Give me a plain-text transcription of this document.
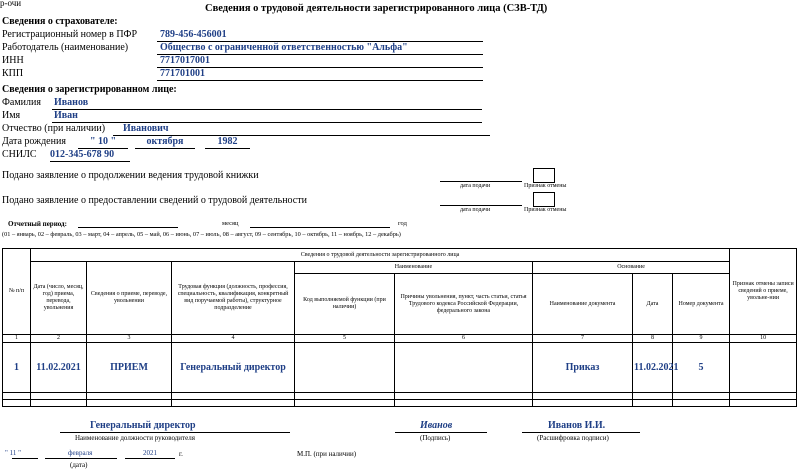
р-очи	Сведения о трудовой деятельности зарегистрированного лица (СЗВ-ТД)
Сведения о страхователе:
Регистрационный номер в ПФР	789-456-456001
Работодатель (наименование)	Общество с ограниченной ответственностью "Альфа"
ИНН	7717017001
КПП	771701001
Сведения о зарегистрированном лице:
Фамилия Иванов
Имя	Иван
Отчество (при наличии)	Иванович
Дата рождения	" 10 "	октября	1982
СНИЛС 012-345-678 90
Подано заявление о продолжении ведения трудовой книжки
дата подачи	Признак отмены
Подано заявление о предоставлении сведений о трудовой деятельности
дата подачи	Признак отмены
Отчетный период:	месяц	год
(01 – январь, 02 – февраль, 03 – март, 04 – апрель, 05 – май, 06 – июнь, 07 – июль, 08 – август, 09 – сентябрь, 10 – октябрь, 11 – ноябрь, 12 – декабрь)
№ п/п	Сведения о трудовой деятельности зарегистрированного лица								Признак отмены записи сведений о приеме, увольне-нии
	Дата (число, месяц, год) приема, перевода, увольнения	Сведения о приеме, переводе, увольнении	Трудовая функция (должность, профессия, специальность, квалификация, конкретный вид поручаемой работы), структурное подразделение	Наименование		Основание			
				Код выполняемой функции (при наличии)	Причины увольнения, пункт, часть статьи, статья Трудового кодекса Российской Федерации, федерального закона	Наименование документа	Дата	Номер документа	
1	2	3	4	5	6	7	8	9	10
1	11.02.2021	ПРИЕМ	Генеральный директор			Приказ	11.02.2021	5	

Генеральный директор
Наименование должности руководителя
Иванов
(Подпись)
Иванов И.И.
(Расшифровка подписи)
" 11 "	февраля	2021	г.
(дата)
М.П. (при наличии)
